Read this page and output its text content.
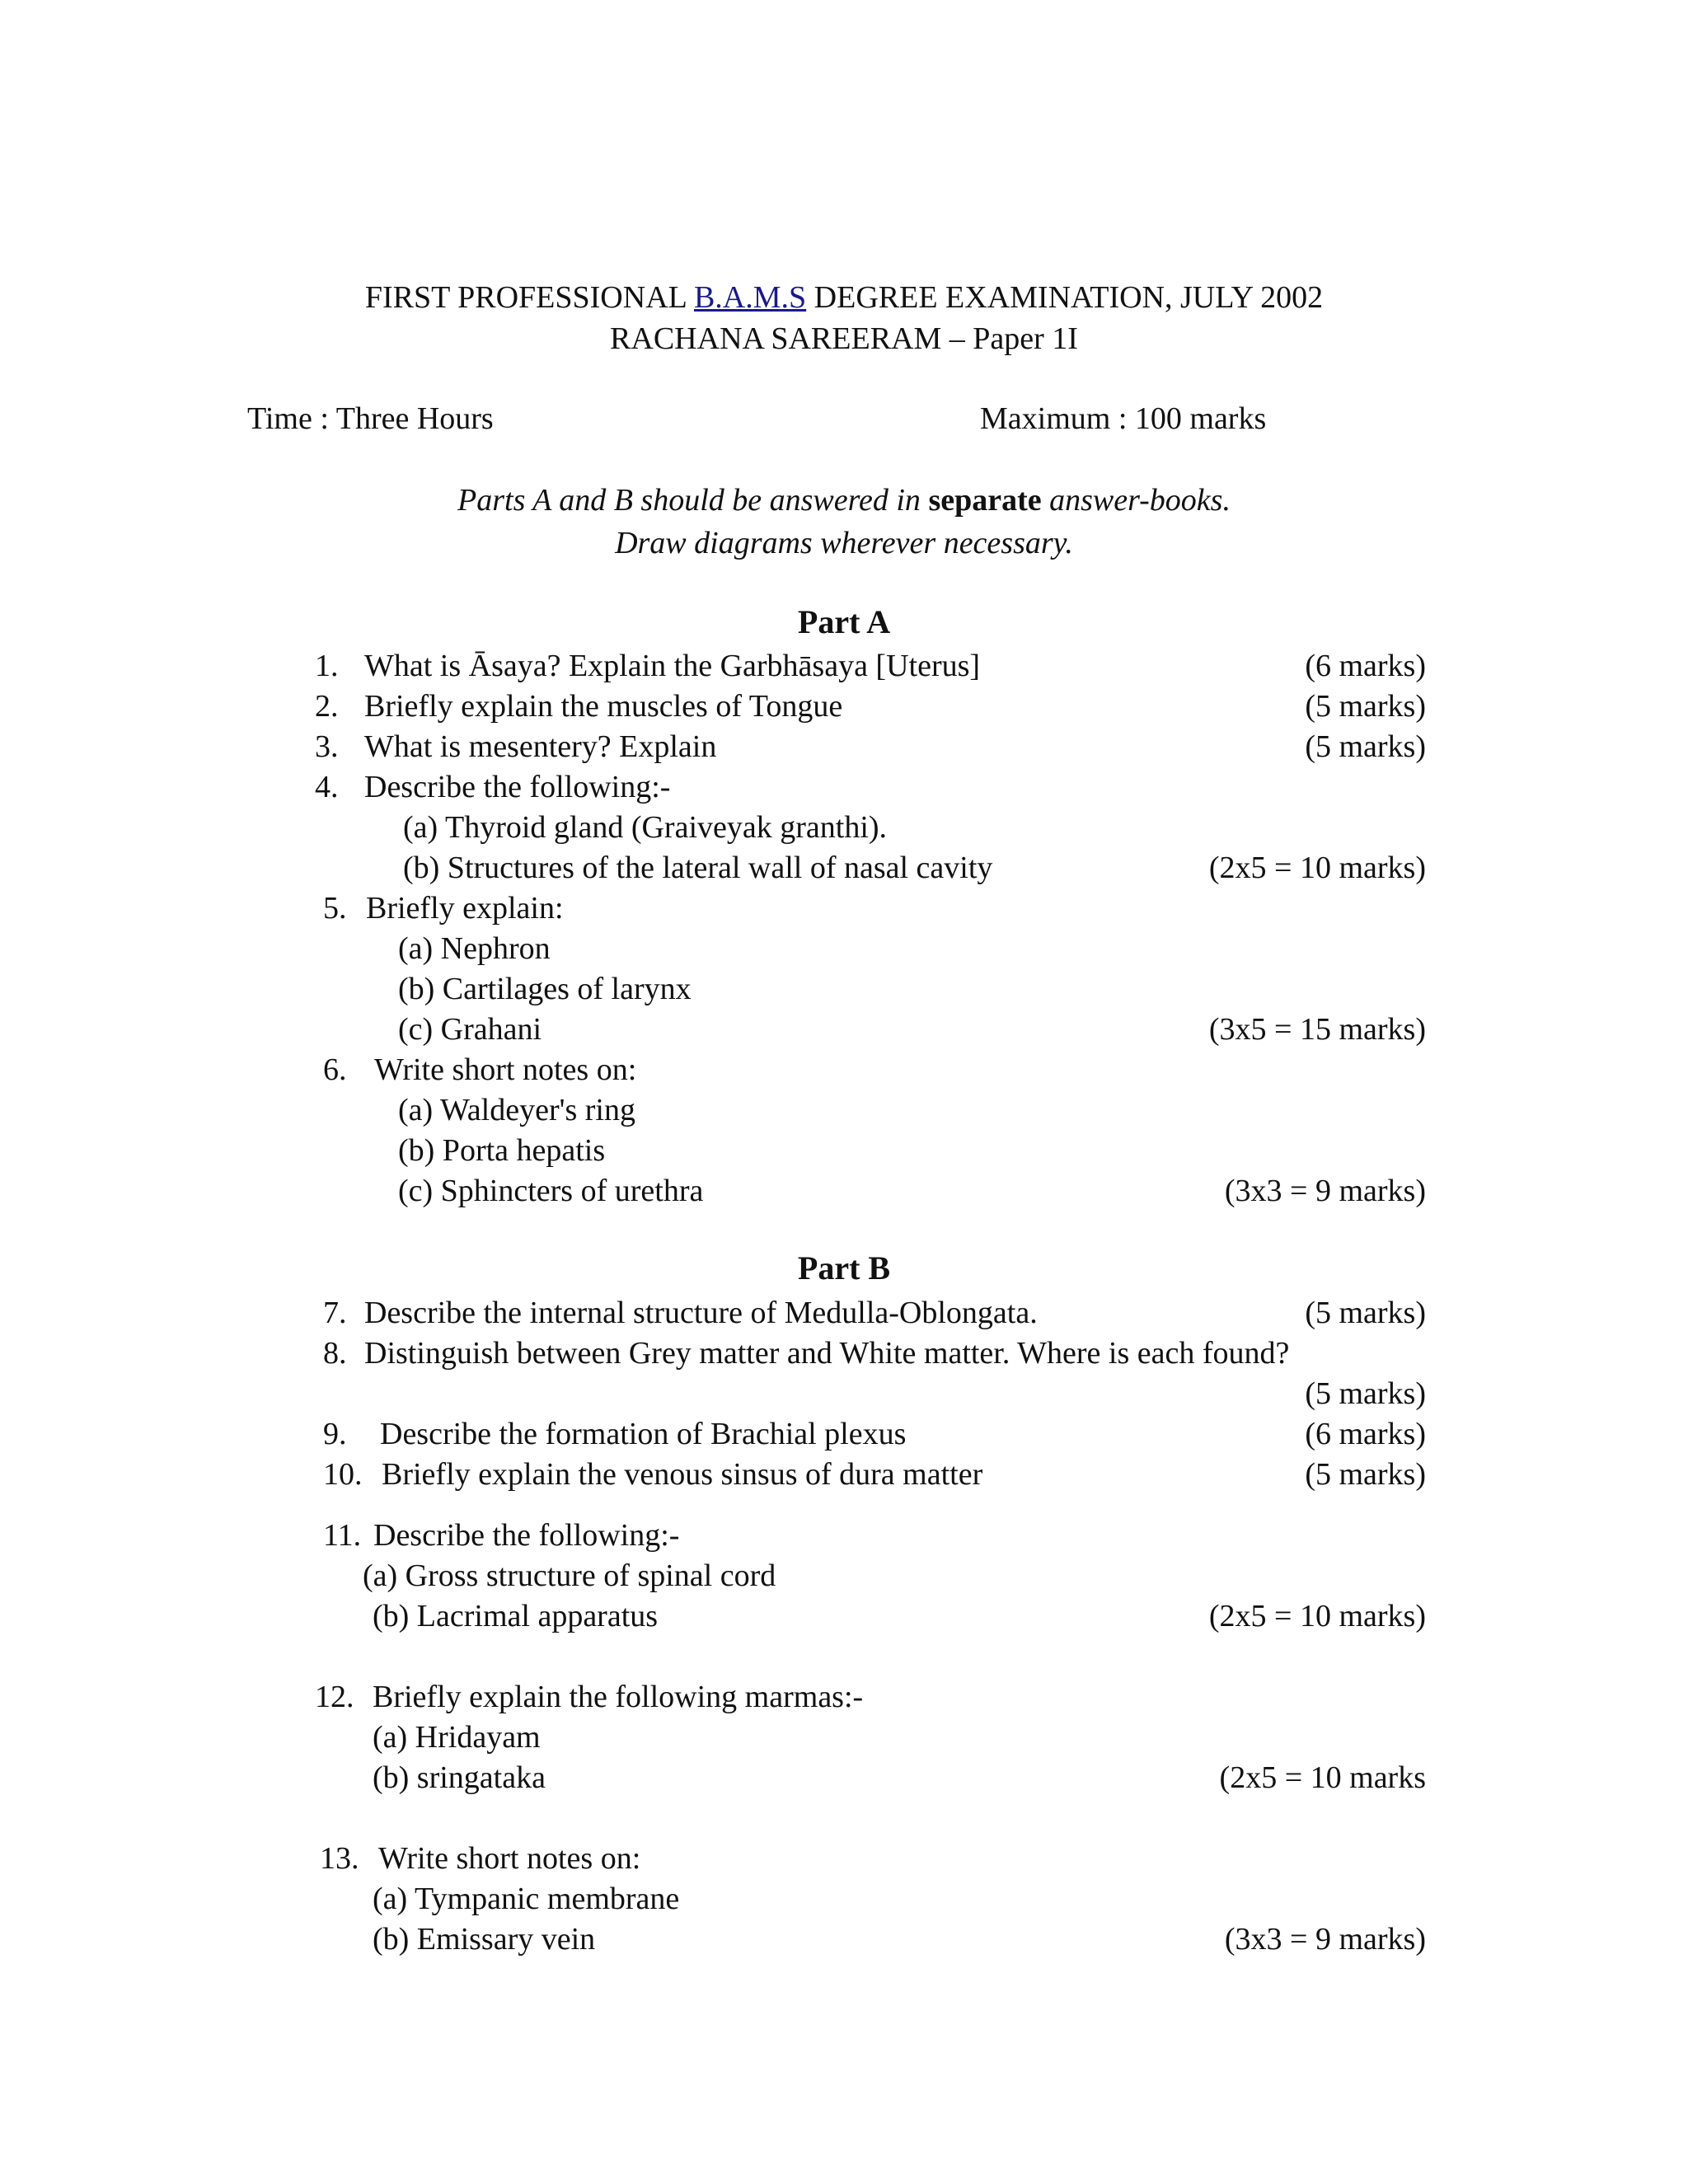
FIRST PROFESSIONAL B.A.M.S DEGREE EXAMINATION, JULY 2002
RACHANA SAREERAM – Paper 1I
Time : Three Hours	Maximum : 100 marks
Parts A and B should be answered in separate answer-books.
Draw diagrams wherever necessary.
Part A
1. What is Āsaya? Explain the Garbhāsaya [Uterus]	(6 marks)
2. Briefly explain the muscles of Tongue	(5 marks)
3. What is mesentery? Explain	(5 marks)
4. Describe the following:-
(a) Thyroid gland (Graiveyak granthi).
(b) Structures of the lateral wall of nasal cavity	(2x5 = 10 marks)
5. Briefly explain:
(a) Nephron
(b) Cartilages of larynx
(c) Grahani	(3x5 = 15 marks)
6. Write short notes on:
(a) Waldeyer's ring
(b) Porta hepatis
(c) Sphincters of urethra	(3x3 = 9 marks)
Part B
7. Describe the internal structure of Medulla-Oblongata.	(5 marks)
8. Distinguish between Grey matter and White matter. Where is each found?
(5 marks)
9. Describe the formation of Brachial plexus	(6 marks)
10. Briefly explain the venous sinsus of dura matter	(5 marks)
11. Describe the following:-
(a) Gross structure of spinal cord
(b) Lacrimal apparatus	(2x5 = 10 marks)
12. Briefly explain the following marmas:-
(a) Hridayam
(b) sringataka	(2x5 = 10 marks
13. Write short notes on:
(a) Tympanic membrane
(b) Emissary vein	(3x3 = 9 marks)
